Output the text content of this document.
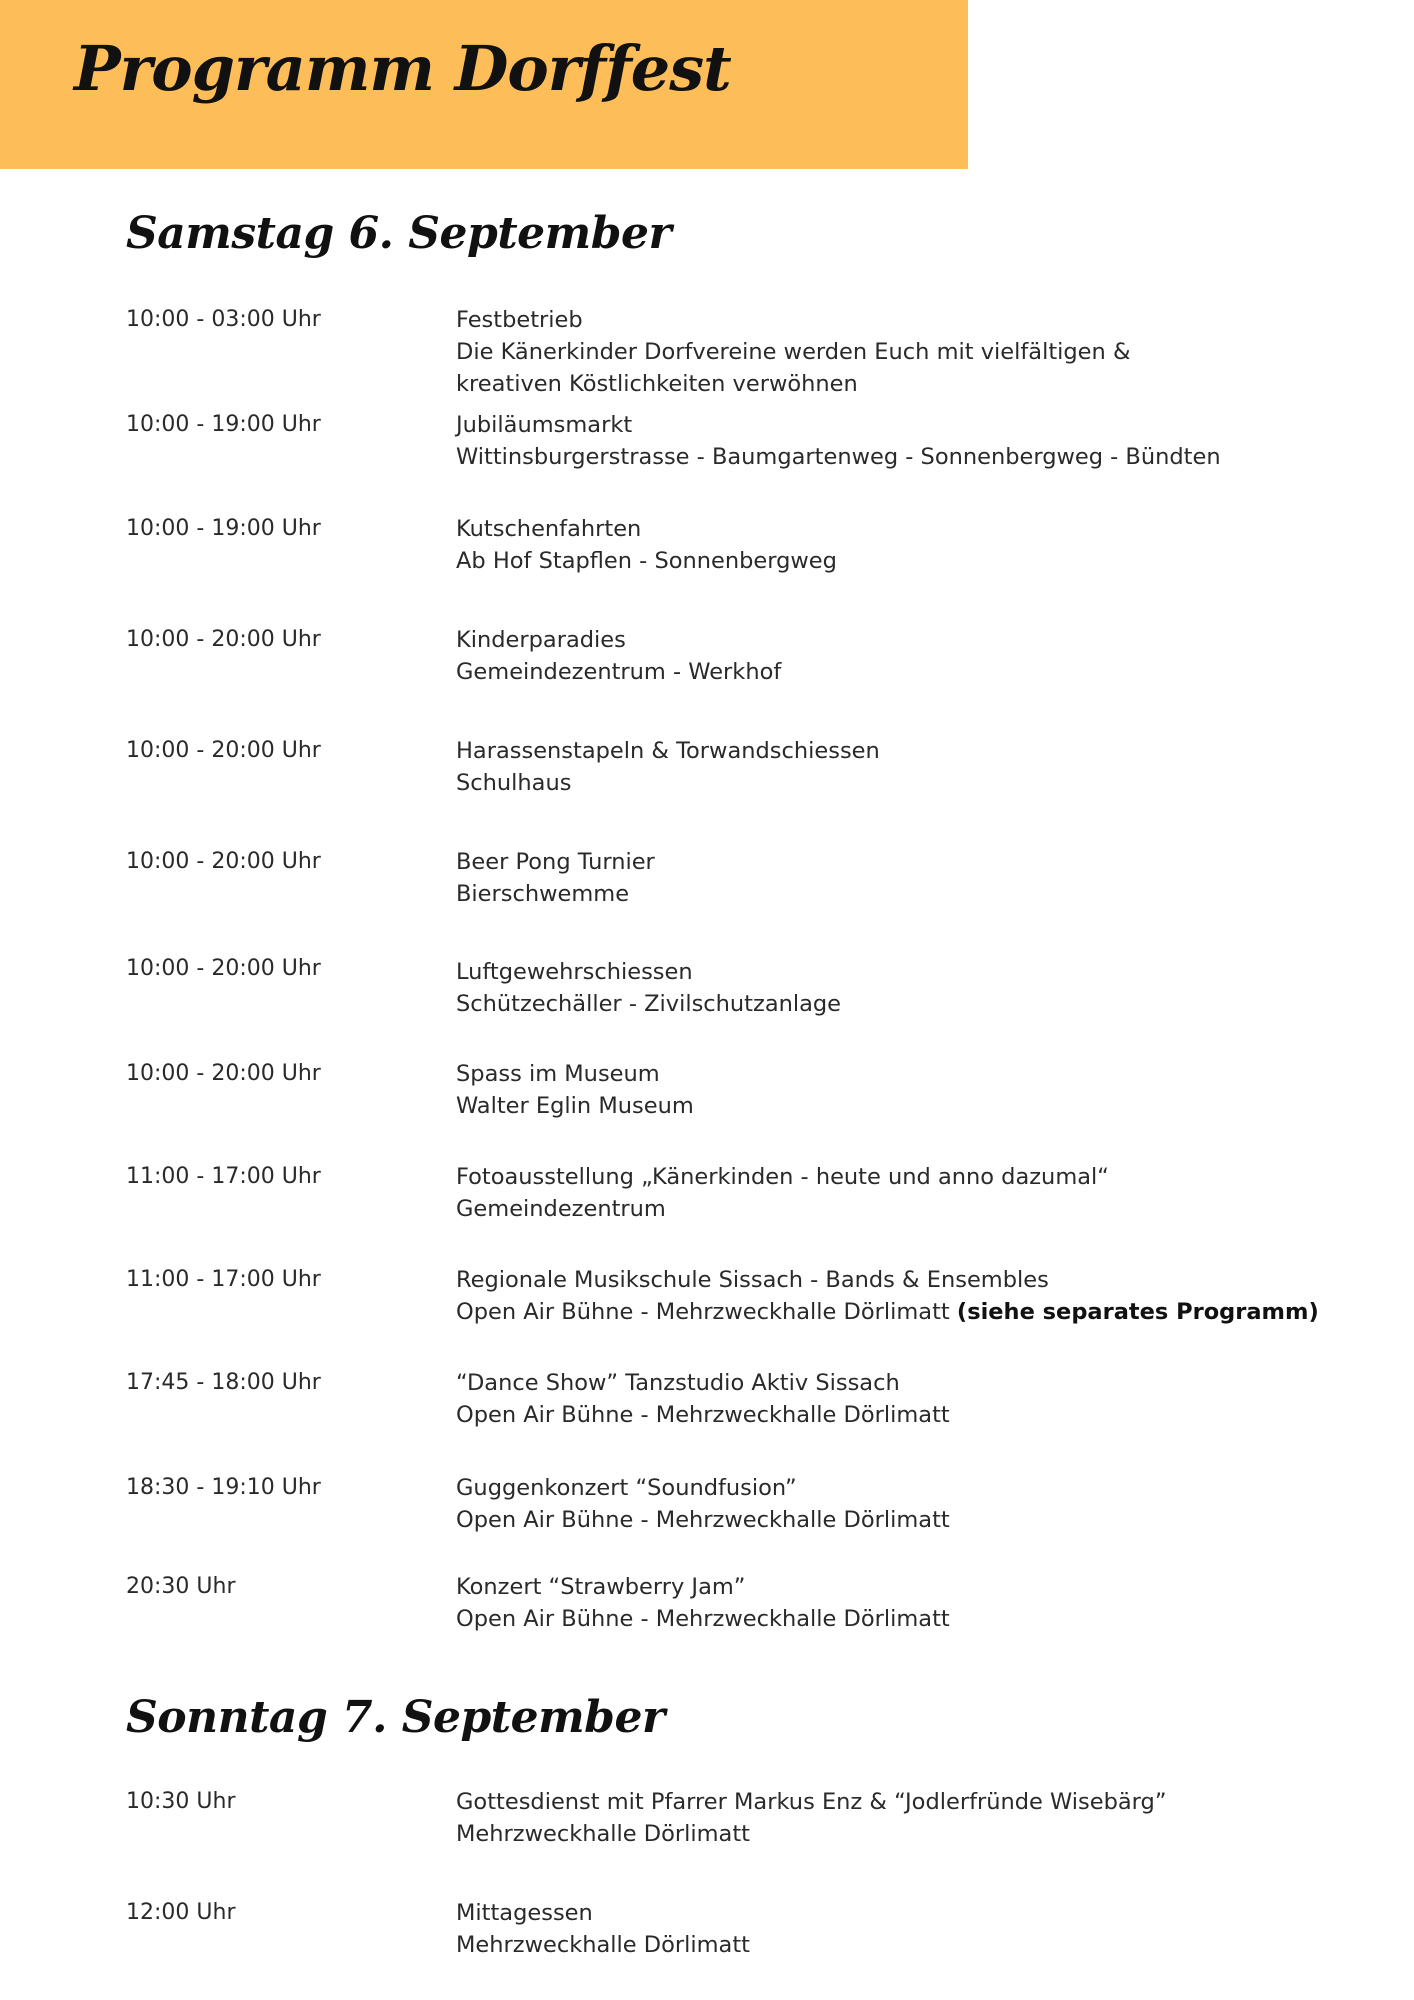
Programm Dorffest
Samstag 6. September
10:00 - 03:00 Uhr	Festbetrieb
Die Känerkinder Dorfvereine werden Euch mit vielfältigen &
kreativen Köstlichkeiten verwöhnen
10:00 - 19:00 Uhr	Jubiläumsmarkt
Wittinsburgerstrasse - Baumgartenweg - Sonnenbergweg - Bündten
10:00 - 19:00 Uhr	Kutschenfahrten
Ab Hof Stapflen - Sonnenbergweg
10:00 - 20:00 Uhr	Kinderparadies
Gemeindezentrum - Werkhof
10:00 - 20:00 Uhr	Harassenstapeln & Torwandschiessen
Schulhaus
10:00 - 20:00 Uhr	Beer Pong Turnier
Bierschwemme
10:00 - 20:00 Uhr	Luftgewehrschiessen
Schützechäller - Zivilschutzanlage
10:00 - 20:00 Uhr	Spass im Museum
Walter Eglin Museum
11:00 - 17:00 Uhr	Fotoausstellung „Känerkinden - heute und anno dazumal“
Gemeindezentrum
11:00 - 17:00 Uhr	Regionale Musikschule Sissach - Bands & Ensembles
Open Air Bühne - Mehrzweckhalle Dörlimatt (siehe separates Programm)
17:45 - 18:00 Uhr	“Dance Show” Tanzstudio Aktiv Sissach
Open Air Bühne - Mehrzweckhalle Dörlimatt
18:30 - 19:10 Uhr	Guggenkonzert “Soundfusion”
Open Air Bühne - Mehrzweckhalle Dörlimatt
20:30 Uhr	Konzert “Strawberry Jam”
Open Air Bühne - Mehrzweckhalle Dörlimatt
Sonntag 7. September
10:30 Uhr	Gottesdienst mit Pfarrer Markus Enz & “Jodlerfründe Wisebärg”
Mehrzweckhalle Dörlimatt
12:00 Uhr	Mittagessen
Mehrzweckhalle Dörlimatt
